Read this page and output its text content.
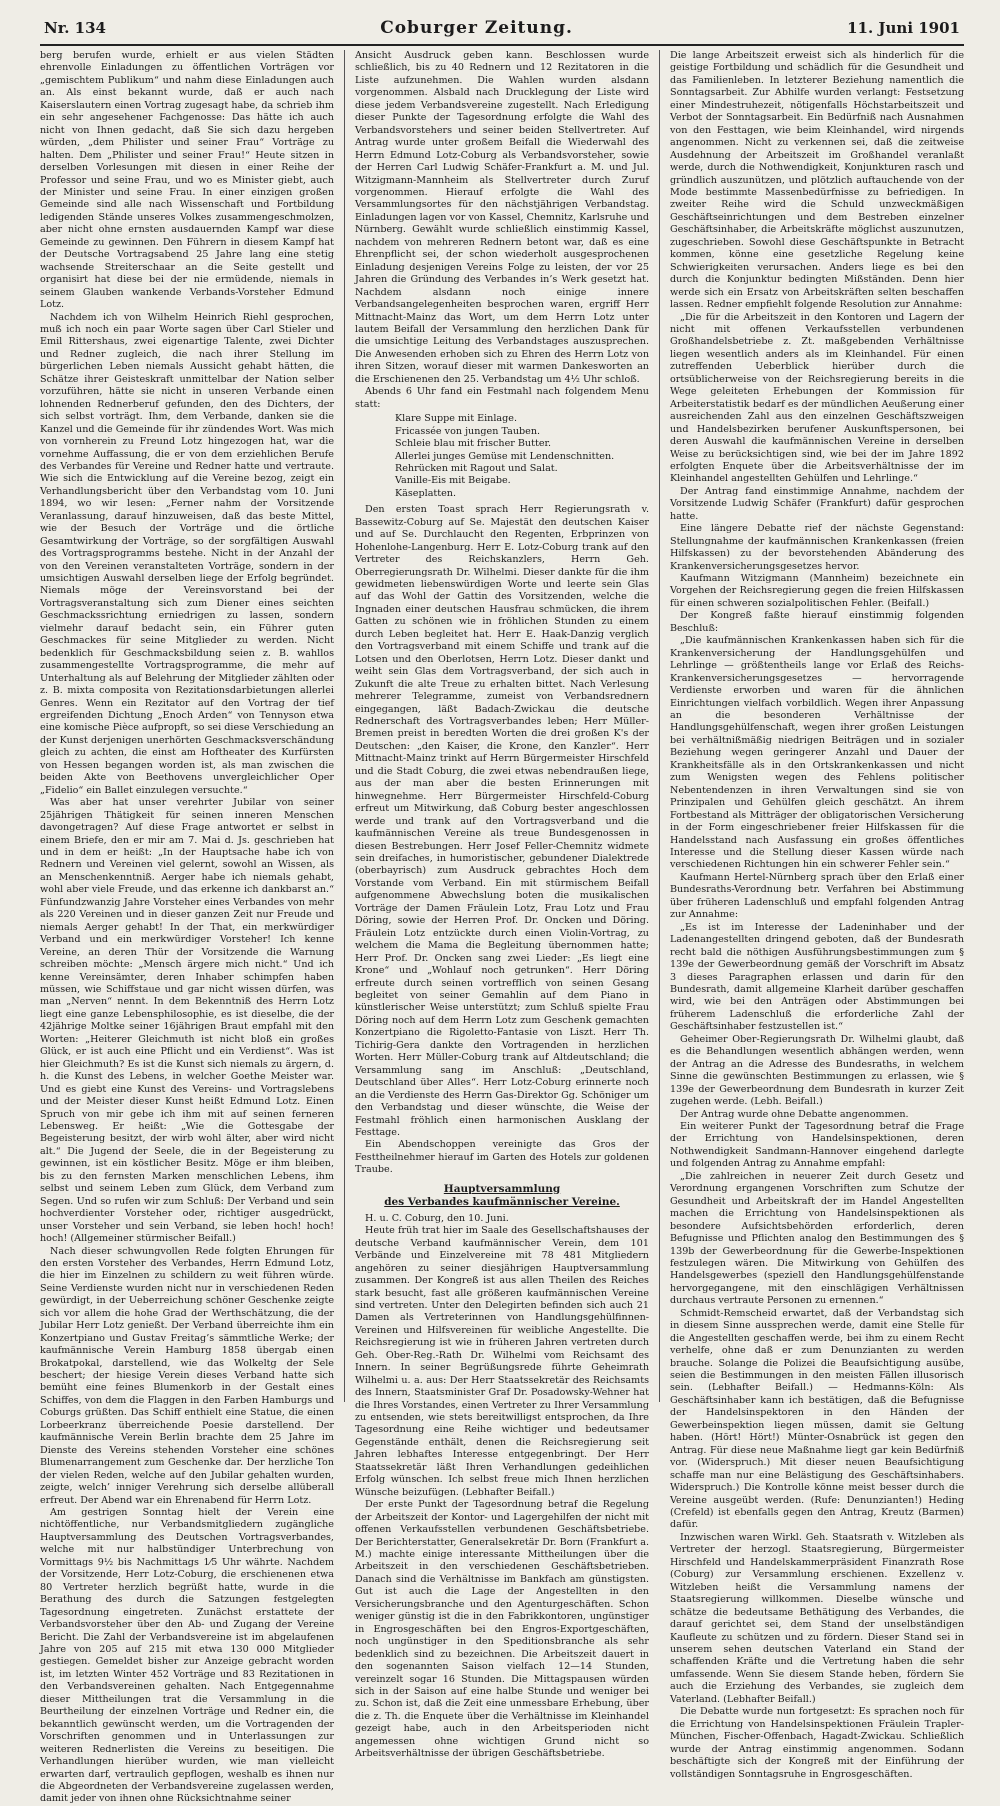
Nr. 134	Coburger Zeitung.	11. Juni 1901

berg berufen wurde, erhielt er aus vielen Städten ehrenvolle Einladungen zu öffentlichen Vorträgen vor „gemischtem Publikum“ und nahm diese Einladungen auch an. Als einst bekannt wurde, daß er auch nach Kaiserslautern einen Vortrag zugesagt habe, da schrieb ihm ein sehr angesehener Fachgenosse: Das hätte ich auch nicht von Ihnen gedacht, daß Sie sich dazu hergeben würden, „dem Philister und seiner Frau“ Vorträge zu halten. Dem „Philister und seiner Frau!“ Heute sitzen in derselben Vorlesungen mit diesen in einer Reihe der Professor und seine Frau, und wo es Minister giebt, auch der Minister und seine Frau. In einer einzigen großen Gemeinde sind alle nach Wissenschaft und Fortbildung ledigenden Stände unseres Volkes zusammengeschmolzen, aber nicht ohne ernsten ausdauernden Kampf war diese Gemeinde zu gewinnen. Den Führern in diesem Kampf hat der Deutsche Vortragsabend 25 Jahre lang eine stetig wachsende Streiterschaar an die Seite gestellt und organisirt hat diese bei der nie ermüdende, niemals in seinem Glauben wankende Verbands-Vorsteher Edmund Lotz.

Nachdem ich von Wilhelm Heinrich Riehl gesprochen, muß ich noch ein paar Worte sagen über Carl Stieler und Emil Rittershaus, zwei eigenartige Talente, zwei Dichter und Redner zugleich, die nach ihrer Stellung im bürgerlichen Leben niemals Aussicht gehabt hätten, die Schätze ihrer Geisteskraft unmittelbar der Nation selber vorzuführen, hätte sie nicht in unseren Verbande einen lohnenden Rednerberuf gefunden, den des Dichters, der sich selbst vorträgt. Ihm, dem Verbande, danken sie die Kanzel und die Gemeinde für ihr zündendes Wort. Was mich von vornherein zu Freund Lotz hingezogen hat, war die vornehme Auffassung, die er von dem erziehlichen Berufe des Verbandes für Vereine und Redner hatte und vertraute. Wie sich die Entwicklung auf die Vereine bezog, zeigt ein Verhandlungsbericht über den Verbandstag vom 10. Juni 1894, wo wir lesen: „Ferner nahm der Vorsitzende Veranlassung, darauf hinzuweisen, daß das beste Mittel, wie der Besuch der Vorträge und die örtliche Gesamtwirkung der Vorträge, so der sorgfältigen Auswahl des Vortragsprogramms bestehe. Nicht in der Anzahl der von den Vereinen veranstalteten Vorträge, sondern in der umsichtigen Auswahl derselben liege der Erfolg begründet. Niemals möge der Vereinsvorstand bei der Vortragsveranstaltung sich zum Diener eines seichten Geschmackssrichtung erniedrigen zu lassen, sondern vielmehr darauf bedacht sein, ein Führer guten Geschmackes für seine Mitglieder zu werden. Nicht bedenklich für Geschmacksbildung seien z. B. wahllos zusammengestellte Vortragsprogramme, die mehr auf Unterhaltung als auf Belehrung der Mitglieder zählten oder z. B. mixta composita von Rezitationsdarbietungen allerlei Genres. Wenn ein Rezitator auf den Vortrag der tief ergreifenden Dichtung „Enoch Arden“ von Tennyson etwa eine komische Pièce aufpropft, so sei diese Verschiedung an der Kunst derjenigen unerhörten Geschmacksverschändung gleich zu achten, die einst am Hoftheater des Kurfürsten von Hessen begangen worden ist, als man zwischen die beiden Akte von Beethovens unvergleichlicher Oper „Fidelio“ ein Ballet einzulegen versuchte.“

Was aber hat unser verehrter Jubilar von seiner 25jährigen Thätigkeit für seinen inneren Menschen davongetragen? Auf diese Frage antwortet er selbst in einem Briefe, den er mir am 7. Mai d. Js. geschrieben hat und in dem er heißt: „In der Hauptsache habe ich von Rednern und Vereinen viel gelernt, sowohl an Wissen, als an Menschenkenntniß. Aerger habe ich niemals gehabt, wohl aber viele Freude, und das erkenne ich dankbarst an.“ Fünfundzwanzig Jahre Vorsteher eines Verbandes von mehr als 220 Vereinen und in dieser ganzen Zeit nur Freude und niemals Aerger gehabt! In der That, ein merkwürdiger Verband und ein merkwürdiger Vorsteher! Ich kenne Vereine, an deren Thür der Vorsitzende die Warnung schreiben möchte: „Mensch ärgere mich nicht.“ Und ich kenne Vereinsämter, deren Inhaber schimpfen haben müssen, wie Schiffstaue und gar nicht wissen dürfen, was man „Nerven“ nennt. In dem Bekenntniß des Herrn Lotz liegt eine ganze Lebensphilosophie, es ist dieselbe, die der 42jährige Moltke seiner 16jährigen Braut empfahl mit den Worten: „Heiterer Gleichmuth ist nicht bloß ein großes Glück, er ist auch eine Pflicht und ein Verdienst“. Was ist hier Gleichmuth? Es ist die Kunst sich niemals zu ärgern, d. h. die Kunst des Lebens, in welcher Goethe Meister war. Und es giebt eine Kunst des Vereins- und Vortragslebens und der Meister dieser Kunst heißt Edmund Lotz. Einen Spruch von mir gebe ich ihm mit auf seinen ferneren Lebensweg. Er heißt: „Wie die Gottesgabe der Begeisterung besitzt, der wirb wohl älter, aber wird nicht alt.“ Die Jugend der Seele, die in der Begeisterung zu gewinnen, ist ein köstlicher Besitz. Möge er ihm bleiben, bis zu den fernsten Marken menschlichen Lebens, ihm selbst und seinem Leben zum Glück, dem Verband zum Segen. Und so rufen wir zum Schluß: Der Verband und sein hochverdienter Vorsteher oder, richtiger ausgedrückt, unser Vorsteher und sein Verband, sie leben hoch! hoch! hoch! (Allgemeiner stürmischer Beifall.)

Nach dieser schwungvollen Rede folgten Ehrungen für den ersten Vorsteher des Verbandes, Herrn Edmund Lotz, die hier im Einzelnen zu schildern zu weit führen würde. Seine Verdienste wurden nicht nur in verschiedenen Reden gewürdigt, in der Ueberreichung schöner Geschenke zeigte sich vor allem die hohe Grad der Werthschätzung, die der Jubilar Herr Lotz genießt. Der Verband überreichte ihm ein Konzertpiano und Gustav Freitag’s sämmtliche Werke; der kaufmännische Verein Hamburg 1858 übergab einen Brokatpokal, darstellend, wie das Wolkeltg der Sele beschert; der hiesige Verein dieses Verband hatte sich bemüht eine feines Blumenkorb in der Gestalt eines Schiffes, von dem die Flaggen in den Farben Hamburgs und Coburgs grüßten. Das Schiff enthielt eine Statue, die einen Lorbeerkranz überreichende Poesie darstellend. Der kaufmännische Verein Berlin brachte dem 25 Jahre im Dienste des Vereins stehenden Vorsteher eine schönes Blumenarrangement zum Geschenke dar. Der herzliche Ton der vielen Reden, welche auf den Jubilar gehalten wurden, zeigte, welch’ inniger Verehrung sich derselbe allüberall erfreut. Der Abend war ein Ehrenabend für Herrn Lotz.

Am gestrigen Sonntag hielt der Verein eine nichtöffentliche, nur Verbandsmitgliedern zugängliche Hauptversammlung des Deutschen Vortragsverbandes, welche mit nur halbstündiger Unterbrechung von Vormittags 9½ bis Nachmittags 1⁄5 Uhr währte. Nachdem der Vorsitzende, Herr Lotz-Coburg, die erschienenen etwa 80 Vertreter herzlich begrüßt hatte, wurde in die Berathung des durch die Satzungen festgelegten Tagesordnung eingetreten. Zunächst erstattete der Verbandsvorsteher über den Ab- und Zugang der Vereine Bericht. Die Zahl der Verbandsvereine ist im abgelaufenen Jahre von 205 auf 215 mit etwa 130 000 Mitglieder gestiegen. Gemeldet bisher zur Anzeige gebracht worden ist, im letzten Winter 452 Vorträge und 83 Rezitationen in den Verbandsvereinen gehalten. Nach Entgegennahme dieser Mittheilungen trat die Versammlung in die Beurtheilung der einzelnen Vorträge und Redner ein, die bekanntlich gewünscht werden, um die Vortragenden der Vorschriften genommen und in Unterlassungen zur weiteren Rednerlisten die Vereins zu beseitigen. Die Verhandlungen hierüber wurden, wie man vielleicht erwarten darf, vertraulich gepflogen, weshalb es ihnen nur die Abgeordneten der Verbandsvereine zugelassen werden, damit jeder von ihnen ohne Rücksichtnahme seiner

Ansicht Ausdruck geben kann. Beschlossen wurde schließlich, bis zu 40 Rednern und 12 Rezitatoren in die Liste aufzunehmen. Die Wahlen wurden alsdann vorgenommen. Alsbald nach Drucklegung der Liste wird diese jedem Verbandsvereine zugestellt. Nach Erledigung dieser Punkte der Tagesordnung erfolgte die Wahl des Verbandsvorstehers und seiner beiden Stellvertreter. Auf Antrag wurde unter großem Beifall die Wiederwahl des Herrn Edmund Lotz-Coburg als Verbandsvorsteher, sowie der Herren Carl Ludwig Schäfer-Frankfurt a. M. und Jul. Witzigmann-Mannheim als Stellvertreter durch Zuruf vorgenommen. Hierauf erfolgte die Wahl des Versammlungsortes für den nächstjährigen Verbandstag. Einladungen lagen vor von Kassel, Chemnitz, Karlsruhe und Nürnberg. Gewählt wurde schließlich einstimmig Kassel, nachdem von mehreren Rednern betont war, daß es eine Ehrenpflicht sei, der schon wiederholt ausgesprochenen Einladung desjenigen Vereins Folge zu leisten, der vor 25 Jahren die Gründung des Verbandes in’s Werk gesetzt hat. Nachdem alsdann noch einige innere Verbandsangelegenheiten besprochen waren, ergriff Herr Mittnacht-Mainz das Wort, um dem Herrn Lotz unter lautem Beifall der Versammlung den herzlichen Dank für die umsichtige Leitung des Verbandstages auszusprechen. Die Anwesenden erhoben sich zu Ehren des Herrn Lotz von ihren Sitzen, worauf dieser mit warmen Dankesworten an die Erschienenen den 25. Verbandstag um 4½ Uhr schloß.

Abends 6 Uhr fand ein Festmahl nach folgendem Menu statt:

Klare Suppe mit Einlage.
Fricassée von jungen Tauben.
Schleie blau mit frischer Butter.
Allerlei junges Gemüse mit Lendenschnitten.
Rehrücken mit Ragout und Salat.
Vanille-Eis mit Beigabe.
Käseplatten.

Den ersten Toast sprach Herr Regierungsrath v. Bassewitz-Coburg auf Se. Majestät den deutschen Kaiser und auf Se. Durchlaucht den Regenten, Erbprinzen von Hohenlohe-Langenburg. Herr E. Lotz-Coburg trank auf den Vertreter des Reichskanzlers, Herrn Geh. Oberregierungsrath Dr. Wilhelmi. Dieser dankte für die ihm gewidmeten liebenswürdigen Worte und leerte sein Glas auf das Wohl der Gattin des Vorsitzenden, welche die Ingnaden einer deutschen Hausfrau schmücken, die ihrem Gatten zu schönen wie in fröhlichen Stunden zu einem durch Leben begleitet hat. Herr E. Haak-Danzig verglich den Vortragsverband mit einem Schiffe und trank auf die Lotsen und den Oberlotsen, Herrn Lotz. Dieser dankt und weiht sein Glas dem Vortragsverband, der sich auch in Zukunft die alte Treue zu erhalten bittet. Nach Verlesung mehrerer Telegramme, zumeist von Verbandsrednern eingegangen, läßt Badach-Zwickau die deutsche Rednerschaft des Vortragsverbandes leben; Herr Müller-Bremen preist in beredten Worten die drei großen K's der Deutschen: „den Kaiser, die Krone, den Kanzler“. Herr Mittnacht-Mainz trinkt auf Herrn Bürgermeister Hirschfeld und die Stadt Coburg, die zwei etwas nebendraußen liege, aus der man aber die besten Erinnerungen mit hinwegnehme. Herr Bürgermeister Hirschfeld-Coburg erfreut um Mitwirkung, daß Coburg bester angeschlossen werde und trank auf den Vortragsverband und die kaufmännischen Vereine als treue Bundesgenossen in diesen Bestrebungen. Herr Josef Feller-Chemnitz widmete sein dreifaches, in humoristischer, gebundener Dialektrede (oberbayrisch) zum Ausdruck gebrachtes Hoch dem Vorstande vom Verband. Ein mit stürmischem Beifall aufgenommene Abwechslung boten die musikalischen Vorträge der Damen Fräulein Lotz, Frau Lotz und Frau Döring, sowie der Herren Prof. Dr. Oncken und Döring. Fräulein Lotz entzückte durch einen Violin-Vortrag, zu welchem die Mama die Begleitung übernommen hatte; Herr Prof. Dr. Oncken sang zwei Lieder: „Es liegt eine Krone“ und „Wohlauf noch getrunken“. Herr Döring erfreute durch seinen vortrefflich von seinen Gesang begleitet von seiner Gemahlin auf dem Piano in künstlerischer Weise unterstützt; zum Schluß spielte Frau Döring noch auf dem Herrn Lotz zum Geschenk gemachten Konzertpiano die Rigoletto-Fantasie von Liszt. Herr Th. Tichirig-Gera dankte den Vortragenden in herzlichen Worten. Herr Müller-Coburg trank auf Altdeutschland; die Versammlung sang im Anschluß: „Deutschland, Deutschland über Alles“. Herr Lotz-Coburg erinnerte noch an die Verdienste des Herrn Gas-Direktor Gg. Schöniger um den Verbandstag und dieser wünschte, die Weise der Festmahl fröhlich einen harmonischen Ausklang der Festtage.

Ein Abendschoppen vereinigte das Gros der Festtheilnehmer hierauf im Garten des Hotels zur goldenen Traube.

Hauptversammlung
des Verbandes kaufmännischer Vereine.

H. u. C. Coburg, den 10. Juni.

Heute früh trat hier im Saale des Gesellschaftshauses der deutsche Verband kaufmännischer Verein, dem 101 Verbände und Einzelvereine mit 78 481 Mitgliedern angehören zu seiner diesjährigen Hauptversammlung zusammen. Der Kongreß ist aus allen Theilen des Reiches stark besucht, fast alle größeren kaufmännischen Vereine sind vertreten. Unter den Delegirten befinden sich auch 21 Damen als Vertreterinnen von Handlungsgehülfinnen-Vereinen und Hilfsvereinen für weibliche Angestellte. Die Reichsregierung ist wie in früheren Jahren vertreten durch Geh. Ober-Reg.-Rath Dr. Wilhelmi vom Reichsamt des Innern. In seiner Begrüßungsrede führte Geheimrath Wilhelmi u. a. aus: Der Herr Staatssekretär des Reichsamts des Innern, Staatsminister Graf Dr. Posadowsky-Wehner hat die Ihres Vorstandes, einen Vertreter zu Ihrer Versammlung zu entsenden, wie stets bereitwilligst entsprochen, da Ihre Tagesordnung eine Reihe wichtiger und bedeutsamer Gegenstände enthält, denen die Reichsregierung seit Jahren lebhaftes Interesse entgegenbringt. Der Herr Staatssekretär läßt Ihren Verhandlungen gedeihlichen Erfolg wünschen. Ich selbst freue mich Ihnen herzlichen Wünsche beizufügen. (Lebhafter Beifall.)

Der erste Punkt der Tagesordnung betraf die Regelung der Arbeitszeit der Kontor- und Lagergehilfen der nicht mit offenen Verkaufsstellen verbundenen Geschäftsbetriebe. Der Berichterstatter, Generalsekretär Dr. Born (Frankfurt a. M.) machte einige interessante Mittheilungen über die Arbeitszeit in den verschiedenen Geschäftsbetrieben. Danach sind die Verhältnisse im Bankfach am günstigsten. Gut ist auch die Lage der Angestellten in den Versicherungsbranche und den Agenturgeschäften. Schon weniger günstig ist die in den Fabrikkontoren, ungünstiger in Engrosgeschäften bei den Engros-Exportgeschäften, noch ungünstiger in den Speditionsbranche als sehr bedenklich sind zu bezeichnen. Die Arbeitszeit dauert in den sogenannten Saison vielfach 12—14 Stunden, vereinzelt sogar 16 Stunden. Die Mittagspausen würden sich in der Saison auf eine halbe Stunde und weniger bei zu. Schon ist, daß die Zeit eine unmessbare Erhebung, über die z. Th. die Enquete über die Verhältnisse im Kleinhandel gezeigt habe, auch in den Arbeitsperioden nicht angemessen ohne wichtigen Grund nicht so Arbeitsverhältnisse der übrigen Geschäftsbetriebe.

Die lange Arbeitszeit erweist sich als hinderlich für die geistige Fortbildung und schädlich für die Gesundheit und das Familienleben. In letzterer Beziehung namentlich die Sonntagsarbeit. Zur Abhilfe wurden verlangt: Festsetzung einer Mindestruhezeit, nötigenfalls Höchstarbeitszeit und Verbot der Sonntagsarbeit. Ein Bedürfniß nach Ausnahmen von den Festtagen, wie beim Kleinhandel, wird nirgends angenommen. Nicht zu verkennen sei, daß die zeitweise Ausdehnung der Arbeitszeit im Großhandel veranlaßt werde, durch die Nothwendigkeit, Konjunkturen rasch und gründlich auszunützen, und plötzlich auftauchende von der Mode bestimmte Massenbedürfnisse zu befriedigen. In zweiter Reihe wird die Schuld unzweckmäßigen Geschäftseinrichtungen und dem Bestreben einzelner Geschäftsinhaber, die Arbeitskräfte möglichst auszunutzen, zugeschrieben. Sowohl diese Geschäftspunkte in Betracht kommen, könne eine gesetzliche Regelung keine Schwierigkeiten verursachen. Anders liege es bei den durch die Konjunktur bedingten Mißständen. Denn hier werde sich ein Ersatz von Arbeitskräften selten beschaffen lassen. Redner empfiehlt folgende Resolution zur Annahme:

„Die für die Arbeitszeit in den Kontoren und Lagern der nicht mit offenen Verkaufsstellen verbundenen Großhandelsbetriebe z. Zt. maßgebenden Verhältnisse liegen wesentlich anders als im Kleinhandel. Für einen zutreffenden Ueberblick hierüber durch die ortsüblicherweise von der Reichsregierung bereits in die Wege geleiteten Erhebungen der Kommission für Arbeiterstatistik bedarf es der mündlichen Aeußerung einer ausreichenden Zahl aus den einzelnen Geschäftszweigen und Handelsbezirken berufener Auskunftspersonen, bei deren Auswahl die kaufmännischen Vereine in derselben Weise zu berücksichtigen sind, wie bei der im Jahre 1892 erfolgten Enquete über die Arbeitsverhältnisse der im Kleinhandel angestellten Gehülfen und Lehrlinge.“

Der Antrag fand einstimmige Annahme, nachdem der Vorsitzende Ludwig Schäfer (Frankfurt) dafür gesprochen hatte.

Eine längere Debatte rief der nächste Gegenstand: Stellungnahme der kaufmännischen Krankenkassen (freien Hilfskassen) zu der bevorstehenden Abänderung des Krankenversicherungsgesetzes hervor.

Kaufmann Witzigmann (Mannheim) bezeichnete ein Vorgehen der Reichsregierung gegen die freien Hilfskassen für einen schweren sozialpolitischen Fehler. (Beifall.)

Der Kongreß faßte hierauf einstimmig folgenden Beschluß:

„Die kaufmännischen Krankenkassen haben sich für die Krankenversicherung der Handlungsgehülfen und Lehrlinge — größtentheils lange vor Erlaß des Reichs-Krankenversicherungsgesetzes — hervorragende Verdienste erworben und waren für die ähnlichen Einrichtungen vielfach vorbildlich. Wegen ihrer Anpassung an die besonderen Verhältnisse der Handlungsgehülfenschaft, wegen ihrer großen Leistungen bei verhältnißmäßig niedrigen Beiträgen und in sozialer Beziehung wegen geringerer Anzahl und Dauer der Krankheitsfälle als in den Ortskrankenkassen und nicht zum Wenigsten wegen des Fehlens politischer Nebentendenzen in ihren Verwaltungen sind sie von Prinzipalen und Gehülfen gleich geschätzt. An ihrem Fortbestand als Mitträger der obligatorischen Versicherung in der Form eingeschriebener freier Hilfskassen für die Handelsstand nach Ausfassung ein großes öffentliches Interesse und die Stellung dieser Kassen würde nach verschiedenen Richtungen hin ein schwerer Fehler sein.“

Kaufmann Hertel-Nürnberg sprach über den Erlaß einer Bundesraths-Verordnung betr. Verfahren bei Abstimmung über früheren Ladenschluß und empfahl folgenden Antrag zur Annahme:

„Es ist im Interesse der Ladeninhaber und der Ladenangestellten dringend geboten, daß der Bundesrath recht bald die nöthigen Ausführungsbestimmungen zum § 139e der Gewerbeordnung gemäß der Vorschrift im Absatz 3 dieses Paragraphen erlassen und darin für den Bundesrath, damit allgemeine Klarheit darüber geschaffen wird, wie bei den Anträgen oder Abstimmungen bei früherem Ladenschluß die erforderliche Zahl der Geschäftsinhaber festzustellen ist.“

Geheimer Ober-Regierungsrath Dr. Wilhelmi glaubt, daß es die Behandlungen wesentlich abhängen werden, wenn der Antrag an die Adresse des Bundesraths, in welchem Sinne die gewünschten Bestimmungen zu erlassen, wie § 139e der Gewerbeordnung dem Bundesrath in kurzer Zeit zugehen werde. (Lebh. Beifall.)

Der Antrag wurde ohne Debatte angenommen.

Ein weiterer Punkt der Tagesordnung betraf die Frage der Errichtung von Handelsinspektionen, deren Nothwendigkeit Sandmann-Hannover eingehend darlegte und folgenden Antrag zu Annahme empfahl:

„Die zahlreichen in neuerer Zeit durch Gesetz und Verordnung ergangenen Vorschriften zum Schutze der Gesundheit und Arbeitskraft der im Handel Angestellten machen die Errichtung von Handelsinspektionen als besondere Aufsichtsbehörden erforderlich, deren Befugnisse und Pflichten analog den Bestimmungen des § 139b der Gewerbeordnung für die Gewerbe-Inspektionen festzulegen wären. Die Mitwirkung von Gehülfen des Handelsgewerbes (speziell den Handlungsgehülfenstande hervorgegangene, mit den einschlägigen Verhältnissen durchaus vertraute Personen zu ernennen.“

Schmidt-Remscheid erwartet, daß der Verbandstag sich in diesem Sinne aussprechen werde, damit eine Stelle für die Angestellten geschaffen werde, bei ihm zu einem Recht verhelfe, ohne daß er zum Denunzianten zu werden brauche. Solange die Polizei die Beaufsichtigung ausübe, seien die Bestimmungen in den meisten Fällen illusorisch sein. (Lebhafter Beifall.) — Hedmanns-Köln: Als Geschäftsinhaber kann ich bestätigen, daß die Befugnisse der Handelsinspektoren in den Händen der Gewerbeinspektion liegen müssen, damit sie Geltung haben. (Hört! Hört!) Münter-Osnabrück ist gegen den Antrag. Für diese neue Maßnahme liegt gar kein Bedürfniß vor. (Widerspruch.) Mit dieser neuen Beaufsichtigung schaffe man nur eine Belästigung des Geschäftsinhabers. Widerspruch.) Die Kontrolle könne meist besser durch die Vereine ausgeübt werden. (Rufe: Denunzianten!) Heding (Crefeld) ist ebenfalls gegen den Antrag, Kreutz (Barmen) dafür.

Inzwischen waren Wirkl. Geh. Staatsrath v. Witzleben als Vertreter der herzogl. Staatsregierung, Bürgermeister Hirschfeld und Handelskammerpräsident Finanzrath Rose (Coburg) zur Versammlung erschienen. Exzellenz v. Witzleben heißt die Versammlung namens der Staatsregierung willkommen. Dieselbe wünsche und schätze die bedeutsame Bethätigung des Verbandes, die darauf gerichtet sei, dem Stand der unselbständigen Kaufleute zu schützen und zu fördern. Dieser Stand sei in unserem sehen deutschen Vaterland ein Stand der schaffenden Kräfte und die Vertretung haben die sehr umfassende. Wenn Sie diesem Stande heben, fördern Sie auch die Erziehung des Verbandes, sie zugleich dem Vaterland. (Lebhafter Beifall.)

Die Debatte wurde nun fortgesetzt: Es sprachen noch für die Errichtung von Handelsinspektionen Fräulein Trapler-München, Fischer-Offenbach, Hagadt-Zwickau. Schließlich wurde der Antrag einstimmig angenommen. Sodann beschäftigte sich der Kongreß mit der Einführung der vollständigen Sonntagsruhe in Engrosgeschäften.
